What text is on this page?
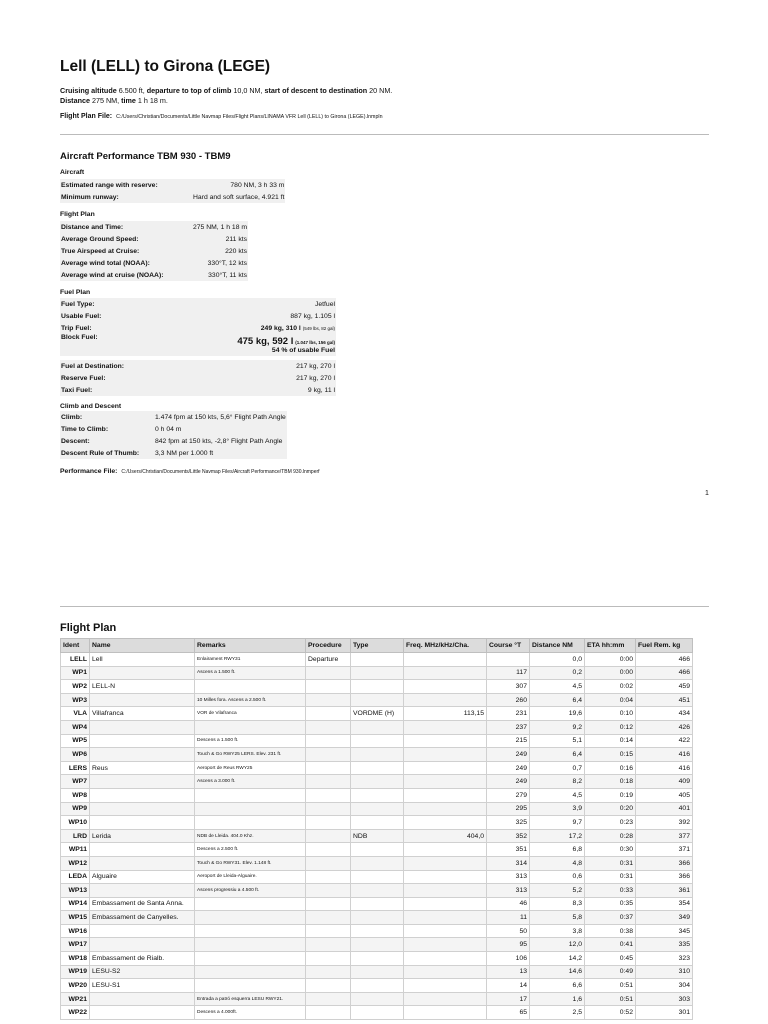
Lell (LELL) to Girona (LEGE)
Cruising altitude 6.500 ft, departure to top of climb 10,0 NM, start of descent to destination 20 NM.
Distance 275 NM, time 1 h 18 m.
Flight Plan File: C:/Users/Christian/Documents/Little Navmap Files/Flight Plans/LINAMA VFR Lell (LELL) to Girona (LEGE).lnmpln
Aircraft Performance TBM 930 - TBM9
Aircraft
Estimated range with reserve:	780 NM, 3 h 33 m
Minimum runway:	Hard and soft surface, 4.921 ft
Flight Plan
Distance and Time:	275 NM, 1 h 18 m
Average Ground Speed:	211 kts
True Airspeed at Cruise:	220 kts
Average wind total (NOAA):	330°T, 12 kts
Average wind at cruise (NOAA):	330°T, 11 kts
Fuel Plan
Fuel Type:	Jetfuel
Usable Fuel:	887 kg, 1.105 l
Trip Fuel:	249 kg, 310 l (549 lbs, 82 gal)
Block Fuel:	475 kg, 592 l (1.047 lbs, 156 gal)
54 % of usable Fuel

Fuel at Destination:	217 kg, 270 l
Reserve Fuel:	217 kg, 270 l
Taxi Fuel:	9 kg, 11 l
Climb and Descent
Climb:	1.474 fpm at 150 kts, 5,6° Flight Path Angle
Time to Climb:	0 h 04 m
Descent:	842 fpm at 150 kts, -2,8° Flight Path Angle
Descent Rule of Thumb:	3,3 NM per 1.000 ft
Performance File: C:/Users/Christian/Documents/Little Navmap Files/Aircraft Performance/TBM 930.lnmperf
1
Flight Plan
Ident	Name	Remarks	Procedure	Type	Freq. MHz/kHz/Cha.	Course °T	Distance NM	ETA hh:mm	Fuel Rem. kg
LELL	Lell	Enlairament RWY31	Departure				0,0	0:00	466
WP1		Ascens a 1.500 ft.				117	0,2	0:00	466
WP2	LELL-N					307	4,5	0:02	459
WP3		10 Milles fora. Ascens a 2.500 ft.				260	6,4	0:04	451
VLA	Villafranca	VOR de Vilafranca		VORDME (H)	113,15	231	19,6	0:10	434
WP4						237	9,2	0:12	426
WP5		Descens a 1.500 ft.				215	5,1	0:14	422
WP6		Touch & Go RWY25 LERS. Elev. 231 ft.				249	6,4	0:15	416
LERS	Reus	Aeroport de Reus RWY25				249	0,7	0:16	416
WP7		Ascens a 3.000 ft.				249	8,2	0:18	409
WP8						279	4,5	0:19	405
WP9						295	3,9	0:20	401
WP10						325	9,7	0:23	392
LRD	Lerida	NDB de Lleida. 404.0 Khz.		NDB	404,0	352	17,2	0:28	377
WP11		Descens a 2.500 ft.				351	6,8	0:30	371
WP12		Touch & Go RWY31. Elev. 1.148 ft.				314	4,8	0:31	366
LEDA	Alguaire	Aeroport de Lleida-Alguaire.				313	0,6	0:31	366
WP13		Ascens progressiu a 4.500 ft.				313	5,2	0:33	361
WP14	Embassament de Santa Anna.					46	8,3	0:35	354
WP15	Embassament de Canyelles.					11	5,8	0:37	349
WP16						50	3,8	0:38	345
WP17						95	12,0	0:41	335
WP18	Embassament de Rialb.					106	14,2	0:45	323
WP19	LESU-S2					13	14,6	0:49	310
WP20	LESU-S1					14	6,6	0:51	304
WP21		Entrada a patró esquerra LESU RWY21.				17	1,6	0:51	303
WP22		Descens a 4.000ft.				65	2,5	0:52	301
